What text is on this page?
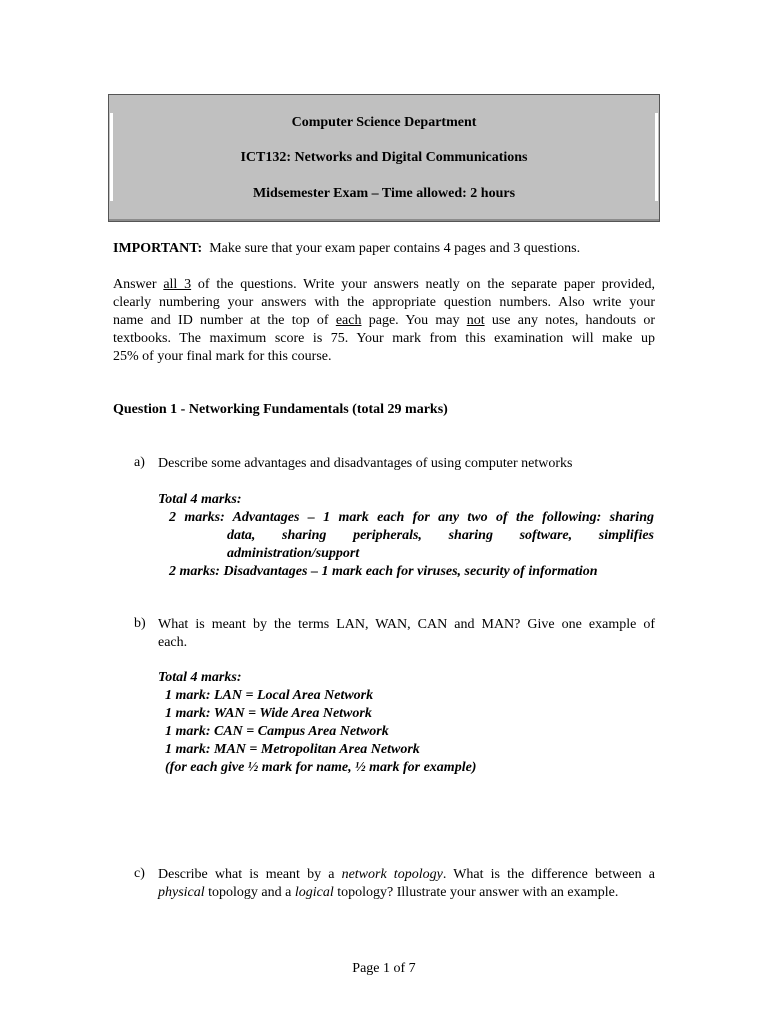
Computer Science Department
ICT132: Networks and Digital Communications
Midsemester Exam – Time allowed: 2 hours
IMPORTANT: Make sure that your exam paper contains 4 pages and 3 questions.
Answer all 3 of the questions. Write your answers neatly on the separate paper provided,
clearly numbering your answers with the appropriate question numbers. Also write your
name and ID number at the top of each page. You may not use any notes, handouts or
textbooks. The maximum score is 75. Your mark from this examination will make up
25% of your final mark for this course.
Question 1 - Networking Fundamentals (total 29 marks)
a) Describe some advantages and disadvantages of using computer networks
Total 4 marks:
2 marks: Advantages – 1 mark each for any two of the following: sharing
data, sharing peripherals, sharing software, simplifies
administration/support
2 marks: Disadvantages – 1 mark each for viruses, security of information
b) What is meant by the terms LAN, WAN, CAN and MAN? Give one example of
each.
Total 4 marks:
1 mark: LAN = Local Area Network
1 mark: WAN = Wide Area Network
1 mark: CAN = Campus Area Network
1 mark: MAN = Metropolitan Area Network
(for each give ½ mark for name, ½ mark for example)
c) Describe what is meant by a network topology. What is the difference between a
physical topology and a logical topology? Illustrate your answer with an example.
Page 1 of 7
